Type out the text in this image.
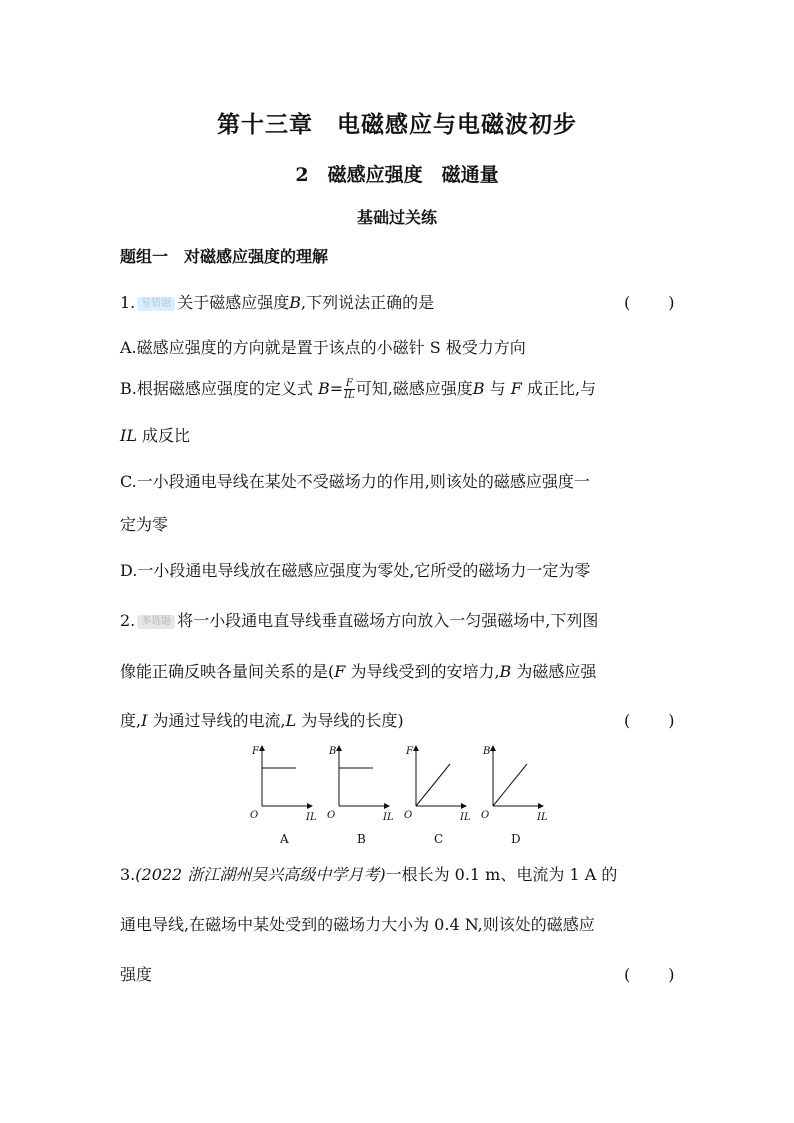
第十三章　电磁感应与电磁波初步
2　磁感应强度　磁通量
基础过关练
题组一　对磁感应强度的理解
1. 易错题 关于磁感应强度B,下列说法正确的是	(　　)
A.磁感应强度的方向就是置于该点的小磁针 S 极受力方向
B.根据磁感应强度的定义式 $B= \frac{F}{IL}$ 可知,磁感应强度B 与 F 成正比,与
IL 成反比
C.一小段通电导线在某处不受磁场力的作用,则该处的磁感应强度一
定为零
D.一小段通电导线放在磁感应强度为零处,它所受的磁场力一定为零
2. 多选题 将一小段通电直导线垂直磁场方向放入一匀强磁场中,下列图
像能正确反映各量间关系的是(F 为导线受到的安培力,B 为磁感应强
度,I 为通过导线的电流,L 为导线的长度)	(　　)
F
IL
O
A
B
IL
O
B
F
IL
O
C
B
IL
O
D
3.(2022 浙江湖州吴兴高级中学月考)一根长为 0.1 m、电流为 1 A 的
通电导线,在磁场中某处受到的磁场力大小为 0.4 N,则该处的磁感应
强度	(　　)
